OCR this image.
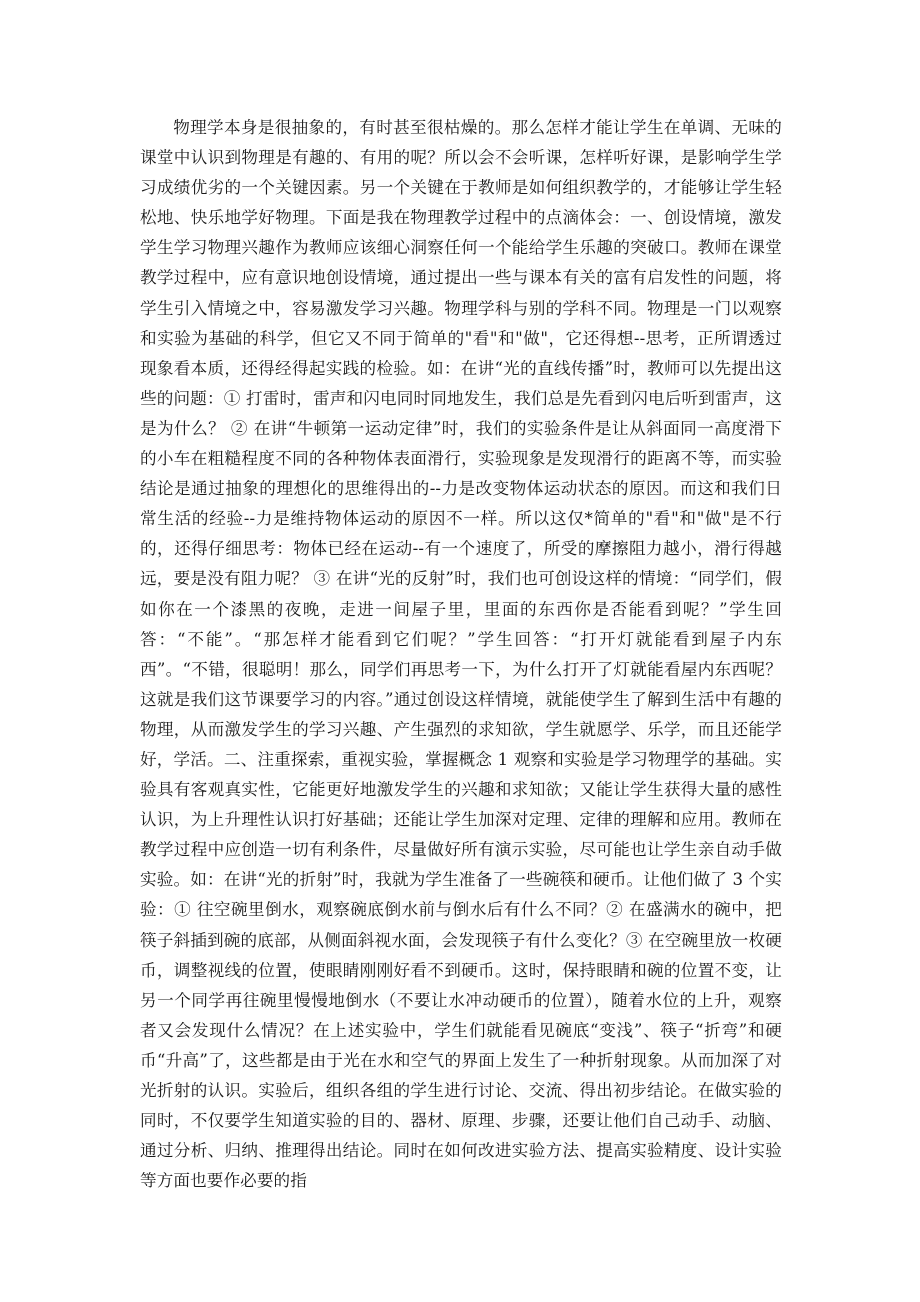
物理学本身是很抽象的，有时甚至很枯燥的。那么怎样才能让学生在单调、无味的课堂中认识到物理是有趣的、有用的呢？所以会不会听课，怎样听好课，是影响学生学习成绩优劣的一个关键因素。另一个关键在于教师是如何组织教学的，才能够让学生轻松地、快乐地学好物理。下面是我在物理教学过程中的点滴体会：一、创设情境，激发学生学习物理兴趣作为教师应该细心洞察任何一个能给学生乐趣的突破口。教师在课堂教学过程中，应有意识地创设情境，通过提出一些与课本有关的富有启发性的问题，将学生引入情境之中，容易激发学习兴趣。物理学科与别的学科不同。物理是一门以观察和实验为基础的科学，但它又不同于简单的"看"和"做"，它还得想--思考，正所谓透过现象看本质，还得经得起实践的检验。如：在讲“光的直线传播”时，教师可以先提出这些的问题：① 打雷时，雷声和闪电同时同地发生，我们总是先看到闪电后听到雷声，这是为什么？ ② 在讲“牛顿第一运动定律”时，我们的实验条件是让从斜面同一高度滑下的小车在粗糙程度不同的各种物体表面滑行，实验现象是发现滑行的距离不等，而实验结论是通过抽象的理想化的思维得出的--力是改变物体运动状态的原因。而这和我们日常生活的经验--力是维持物体运动的原因不一样。所以这仅*简单的"看"和"做"是不行的，还得仔细思考：物体已经在运动--有一个速度了，所受的摩擦阻力越小，滑行得越远，要是没有阻力呢？ ③ 在讲“光的反射”时，我们也可创设这样的情境：“同学们，假如你在一个漆黑的夜晚，走进一间屋子里，里面的东西你是否能看到呢？”学生回答：“不能”。“那怎样才能看到它们呢？”学生回答：“打开灯就能看到屋子内东西”。“不错，很聪明！那么，同学们再思考一下，为什么打开了灯就能看屋内东西呢？这就是我们这节课要学习的内容。”通过创设这样情境，就能使学生了解到生活中有趣的物理，从而激发学生的学习兴趣、产生强烈的求知欲，学生就愿学、乐学，而且还能学好，学活。二、注重探索，重视实验，掌握概念 1 观察和实验是学习物理学的基础。实验具有客观真实性，它能更好地激发学生的兴趣和求知欲；又能让学生获得大量的感性认识，为上升理性认识打好基础；还能让学生加深对定理、定律的理解和应用。教师在教学过程中应创造一切有利条件，尽量做好所有演示实验，尽可能也让学生亲自动手做实验。如：在讲“光的折射”时，我就为学生准备了一些碗筷和硬币。让他们做了 3 个实验：① 往空碗里倒水，观察碗底倒水前与倒水后有什么不同？② 在盛满水的碗中，把筷子斜插到碗的底部，从侧面斜视水面，会发现筷子有什么变化？③ 在空碗里放一枚硬币，调整视线的位置，使眼睛刚刚好看不到硬币。这时，保持眼睛和碗的位置不变，让另一个同学再往碗里慢慢地倒水（不要让水冲动硬币的位置），随着水位的上升，观察者又会发现什么情况？在上述实验中，学生们就能看见碗底“变浅”、筷子“折弯”和硬币“升高”了，这些都是由于光在水和空气的界面上发生了一种折射现象。从而加深了对光折射的认识。实验后，组织各组的学生进行讨论、交流、得出初步结论。在做实验的同时，不仅要学生知道实验的目的、器材、原理、步骤，还要让他们自己动手、动脑、通过分析、归纳、推理得出结论。同时在如何改进实验方法、提高实验精度、设计实验等方面也要作必要的指
